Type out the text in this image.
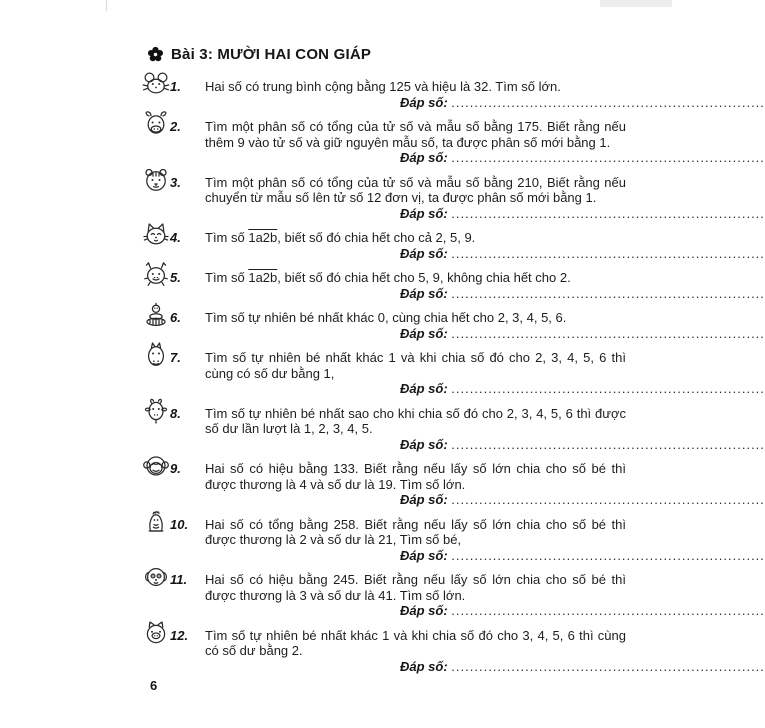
Bài 3: MƯỜI HAI CON GIÁP
1.	Hai số có trung bình cộng bằng 125 và hiệu là 32. Tìm số lớn.
Đáp số: ....................................................................
2.	Tìm một phân số có tổng của tử số và mẫu số bằng 175. Biết rằng nếu thêm 9 vào tử số và giữ nguyên mẫu số, ta được phân số mới bằng 1.
Đáp số: ....................................................................
3.	Tìm một phân số có tổng của tử số và mẫu số bằng 210, Biết rằng nếu chuyển từ mẫu số lên tử số 12 đơn vị, ta được phân số mới bằng 1.
Đáp số: ....................................................................
4.	Tìm số 1a2b, biết số đó chia hết cho cả 2, 5, 9.
Đáp số: ....................................................................
5.	Tìm số 1a2b, biết số đó chia hết cho 5, 9, không chia hết cho 2.
Đáp số: ....................................................................
6.	Tìm số tự nhiên bé nhất khác 0, cùng chia hết cho 2, 3, 4, 5, 6.
Đáp số: ....................................................................
7.	Tìm số tự nhiên bé nhất khác 1 và khi chia số đó cho 2, 3, 4, 5, 6 thì cùng có số dư bằng 1,
Đáp số: ....................................................................
8.	Tìm số tự nhiên bé nhất sao cho khi chia số đó cho 2, 3, 4, 5, 6 thì được số dư lần lượt là 1, 2, 3, 4, 5.
Đáp số: ....................................................................
9.	Hai số có hiệu bằng 133. Biết rằng nếu lấy số lớn chia cho số bé thì được thương là 4 và số dư là 19. Tìm số lớn.
Đáp số: ....................................................................
10.	Hai số có tổng bằng 258. Biết rằng nếu lấy số lớn chia cho số bé thì được thương là 2 và số dư là 21, Tìm số bé,
Đáp số: ....................................................................
11.	Hai số có hiệu bằng 245. Biết rằng nếu lấy số lớn chia cho số bé thì được thương là 3 và số dư là 41. Tìm số lớn.
Đáp số: ....................................................................
12.	Tìm số tự nhiên bé nhất khác 1 và khi chia số đó cho 3, 4, 5, 6 thì cùng có số dư bằng 2.
Đáp số: ....................................................................
6
